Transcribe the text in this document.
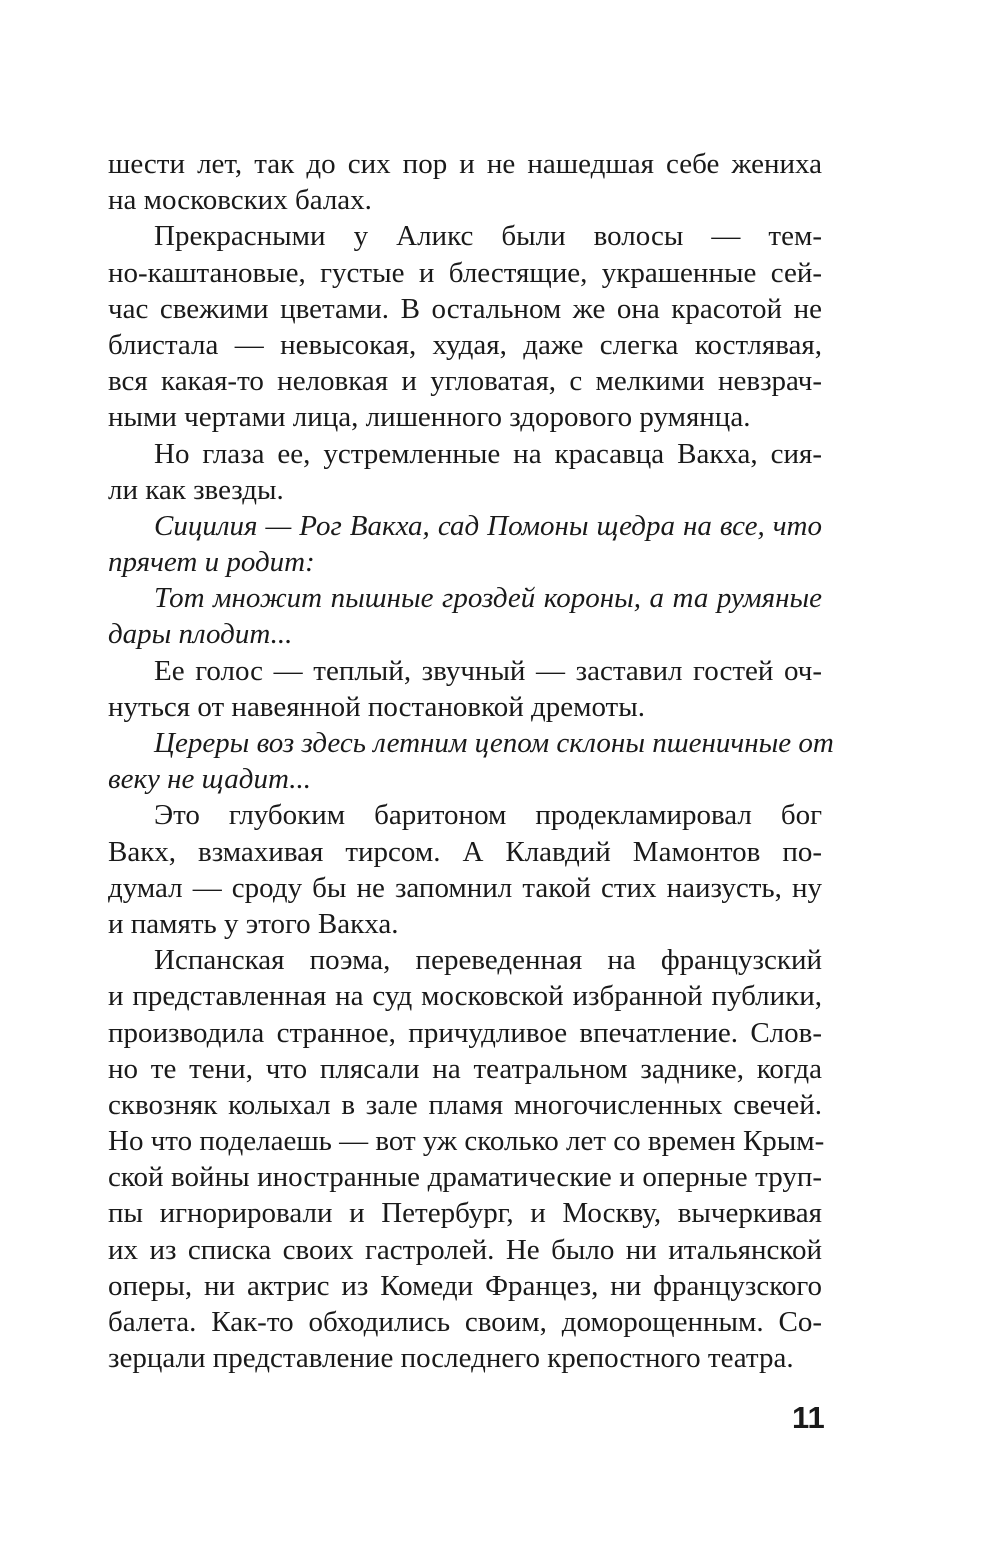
шести лет, так до сих пор и не нашедшая себе жениха
на московских балах.
Прекрасными у Аликс были волосы — тем-
но-каштановые, густые и блестящие, украшенные сей-
час свежими цветами. В остальном же она красотой не
блистала — невысокая, худая, даже слегка костлявая,
вся какая-то неловкая и угловатая, с мелкими невзрач-
ными чертами лица, лишенного здорового румянца.
Но глаза ее, устремленные на красавца Вакха, сия-
ли как звезды.
Сицилия — Рог Вакха, сад Помоны щедра на все, что
прячет и родит:
Тот множит пышные гроздей короны, а та румяные
дары плодит...
Ее голос — теплый, звучный — заставил гостей оч-
нуться от навеянной постановкой дремоты.
Цереры воз здесь летним цепом склоны пшеничные от
веку не щадит...
Это глубоким баритоном продекламировал бог
Вакх, взмахивая тирсом. А Клавдий Мамонтов по-
думал — сроду бы не запомнил такой стих наизусть, ну
и память у этого Вакха.
Испанская поэма, переведенная на французский
и представленная на суд московской избранной публики,
производила странное, причудливое впечатление. Слов-
но те тени, что плясали на театральном заднике, когда
сквозняк колыхал в зале пламя многочисленных свечей.
Но что поделаешь — вот уж сколько лет со времен Крым-
ской войны иностранные драматические и оперные труп-
пы игнорировали и Петербург, и Москву, вычеркивая
их из списка своих гастролей. Не было ни итальянской
оперы, ни актрис из Комеди Францез, ни французского
балета. Как-то обходились своим, доморощенным. Со-
зерцали представление последнего крепостного театра.
11
